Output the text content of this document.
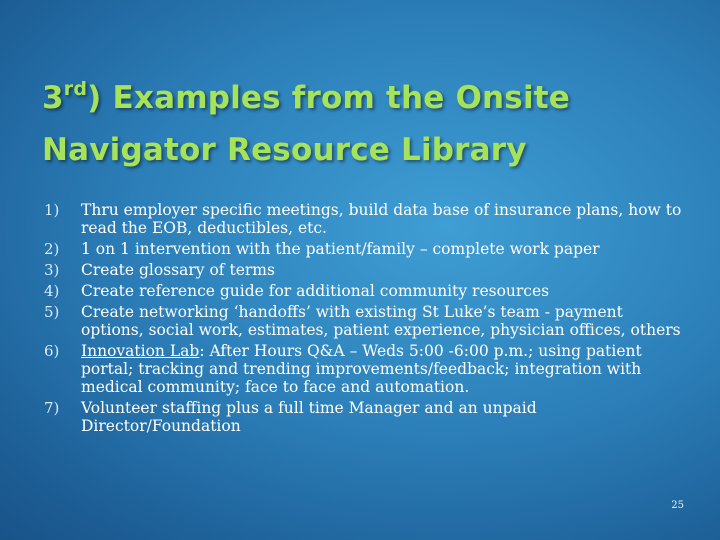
3rd) Examples from the Onsite Navigator Resource Library
1)	Thru employer specific meetings, build data base of insurance plans, how to read the EOB, deductibles, etc.
2)	1 on 1 intervention with the patient/family – complete work paper
3)	Create glossary of terms
4)	Create reference guide for additional community resources
5)	Create networking ‘handoffs’ with existing St Luke’s team - payment options, social work, estimates, patient experience, physician offices, others
6)	Innovation Lab: After Hours Q&A – Weds 5:00 -6:00 p.m.; using patient portal; tracking and trending improvements/feedback; integration with medical community; face to face and automation.
7)	Volunteer staffing plus a full time Manager and an unpaid Director/Foundation
25
